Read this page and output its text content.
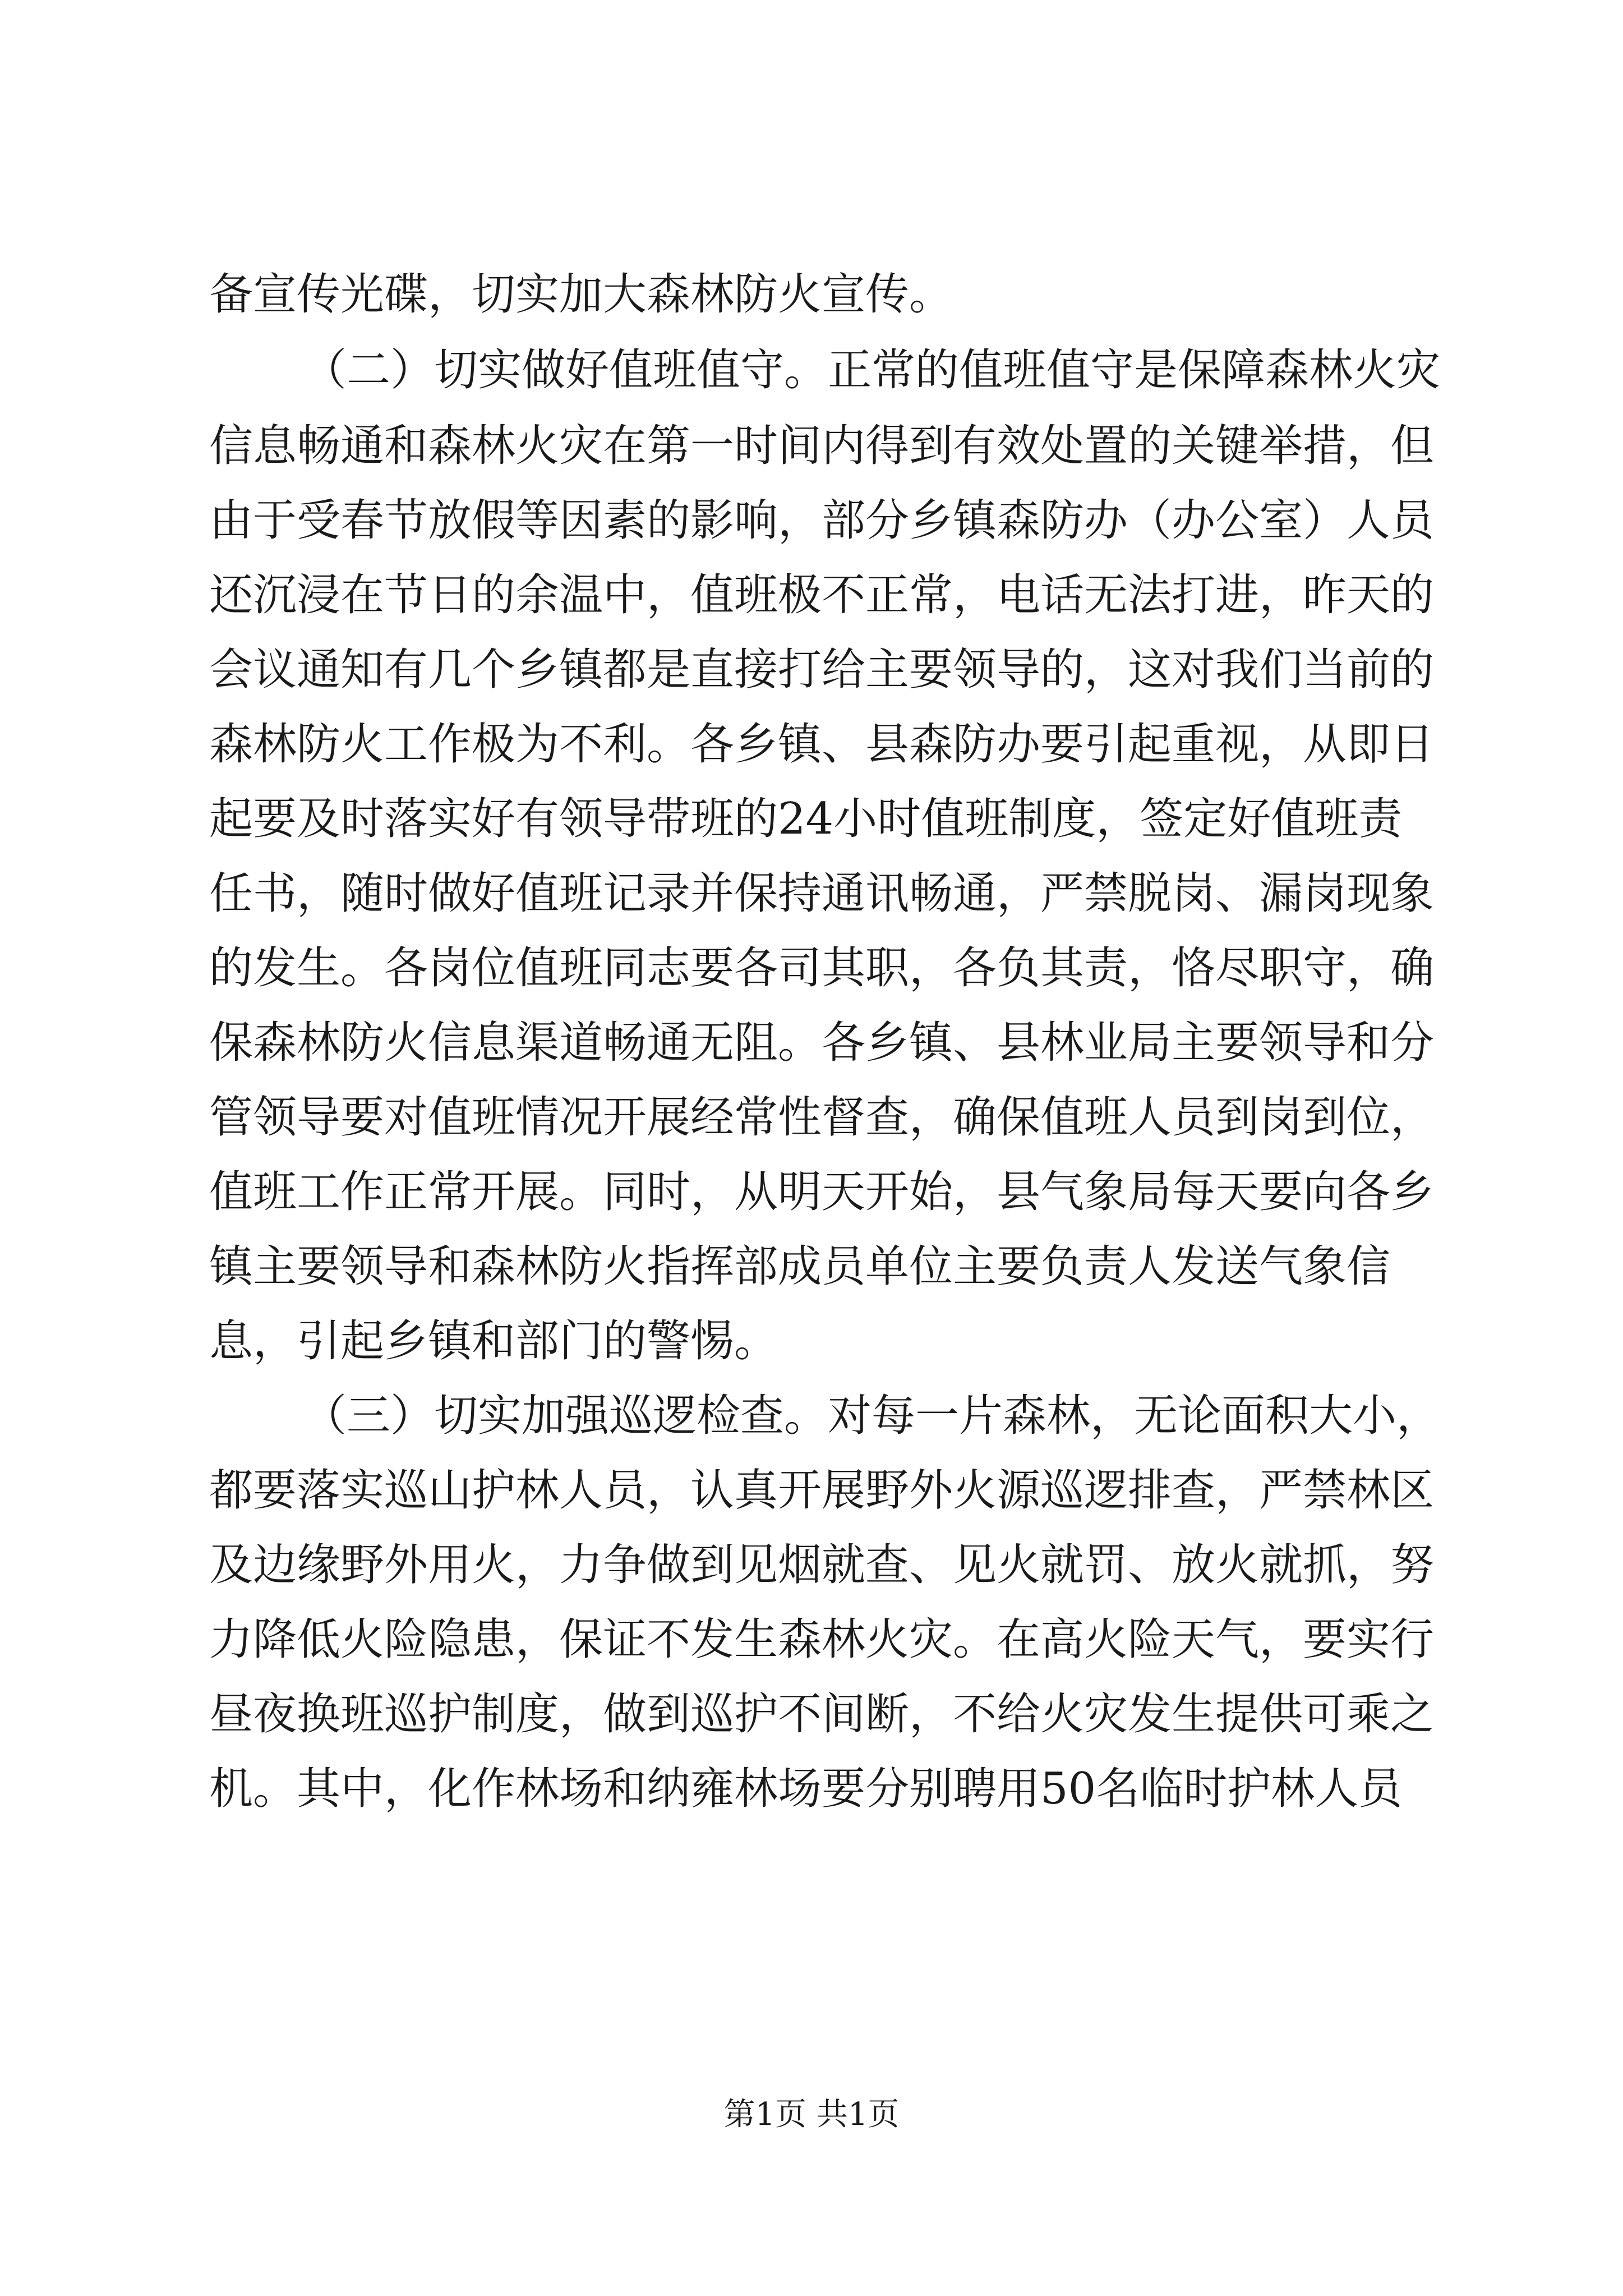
备宣传光碟，切实加大森林防火宣传。
（二）切实做好值班值守。正常的值班值守是保障森林火灾
信息畅通和森林火灾在第一时间内得到有效处置的关键举措，但
由于受春节放假等因素的影响，部分乡镇森防办（办公室）人员
还沉浸在节日的余温中，值班极不正常，电话无法打进，昨天的
会议通知有几个乡镇都是直接打给主要领导的，这对我们当前的
森林防火工作极为不利。各乡镇、县森防办要引起重视，从即日
起要及时落实好有领导带班的24小时值班制度，签定好值班责
任书，随时做好值班记录并保持通讯畅通，严禁脱岗、漏岗现象
的发生。各岗位值班同志要各司其职，各负其责，恪尽职守，确
保森林防火信息渠道畅通无阻。各乡镇、县林业局主要领导和分
管领导要对值班情况开展经常性督查，确保值班人员到岗到位，
值班工作正常开展。同时，从明天开始，县气象局每天要向各乡
镇主要领导和森林防火指挥部成员单位主要负责人发送气象信
息，引起乡镇和部门的警惕。
（三）切实加强巡逻检查。对每一片森林，无论面积大小，
都要落实巡山护林人员，认真开展野外火源巡逻排查，严禁林区
及边缘野外用火，力争做到见烟就查、见火就罚、放火就抓，努
力降低火险隐患，保证不发生森林火灾。在高火险天气，要实行
昼夜换班巡护制度，做到巡护不间断，不给火灾发生提供可乘之
机。其中，化作林场和纳雍林场要分别聘用50名临时护林人员
第1页 共1页
